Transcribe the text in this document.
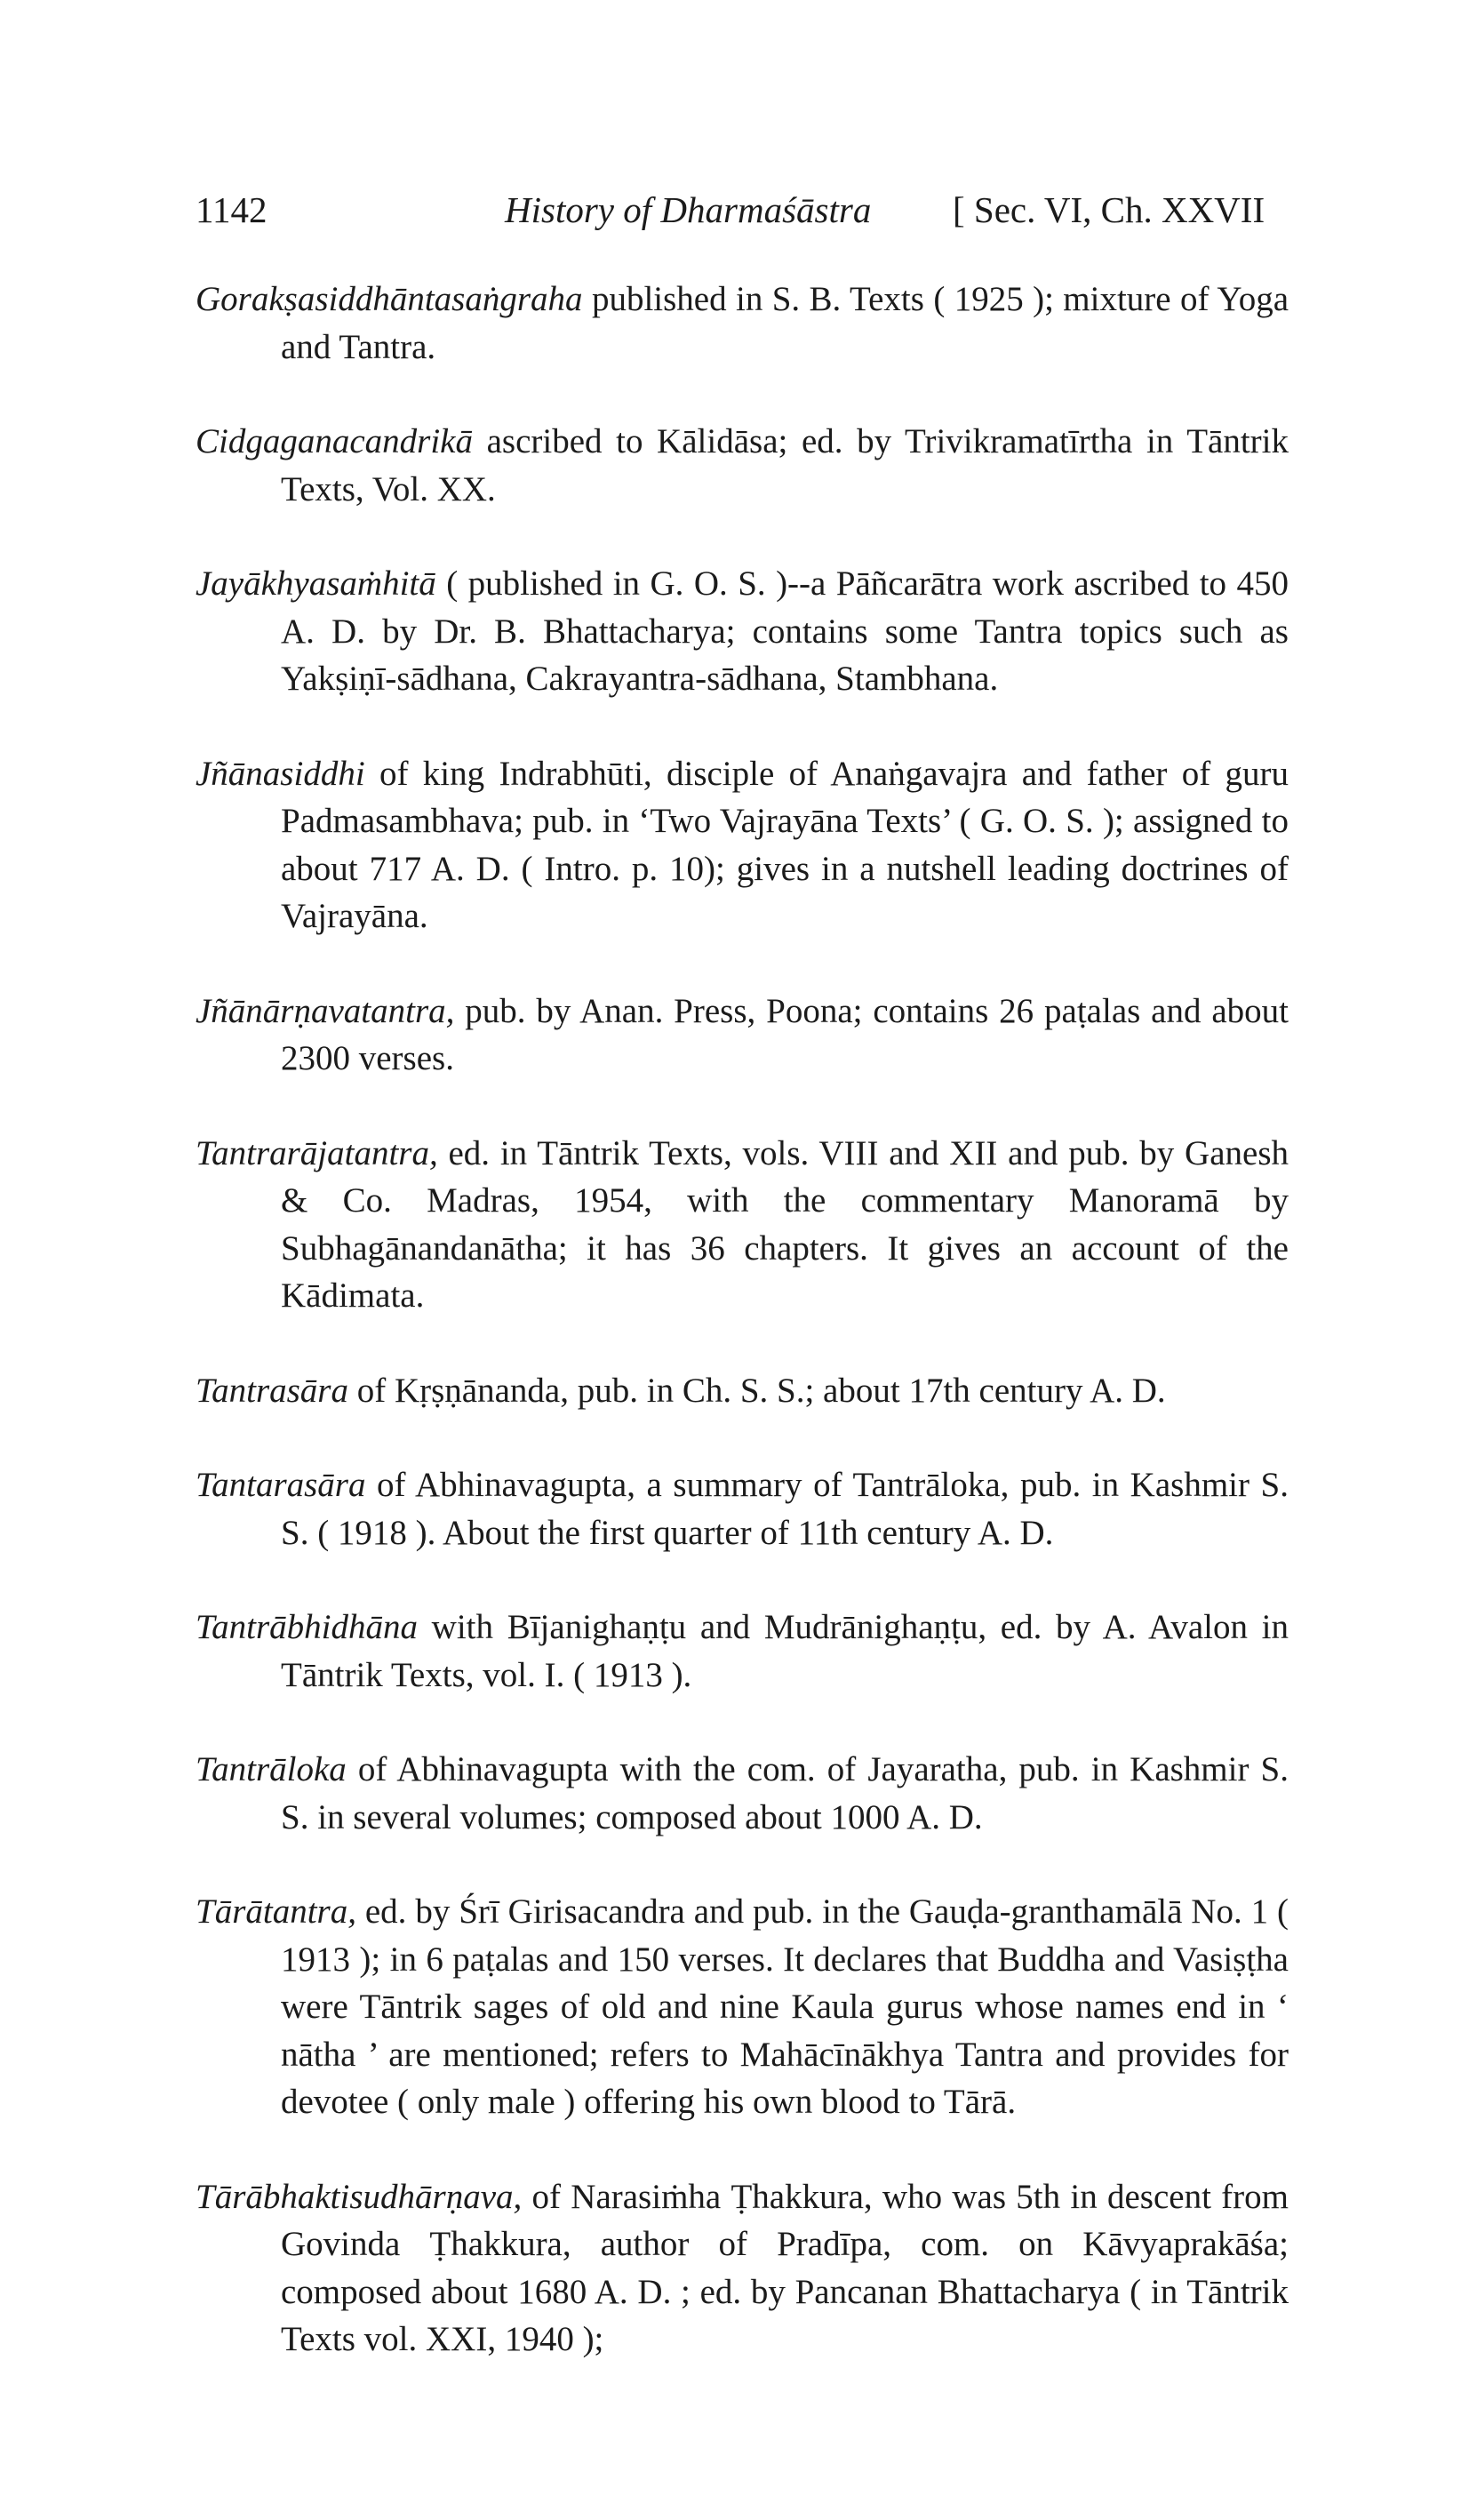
1142	History of Dharmaśāstra [ Sec. VI, Ch. XXVII

Gorakṣasiddhāntasaṅgraha published in S. B. Texts ( 1925 ); mixture of Yoga and Tantra.

Cidgaganacandrikā ascribed to Kālidāsa; ed. by Trivikramatīrtha in Tāntrik Texts, Vol. XX.

Jayākhyasaṁhitā ( published in G. O. S. )--a Pāñcarātra work ascribed to 450 A. D. by Dr. B. Bhattacharya; contains some Tantra topics such as Yakṣiṇī-sādhana, Cakrayantra-sādhana, Stambhana.

Jñānasiddhi of king Indrabhūti, disciple of Anaṅgavajra and father of guru Padmasambhava; pub. in ‘Two Vajrayāna Texts’ ( G. O. S. ); assigned to about 717 A. D. ( Intro. p. 10); gives in a nutshell leading doctrines of Vajrayāna.

Jñānārṇavatantra, pub. by Anan. Press, Poona; contains 26 paṭalas and about 2300 verses.

Tantrarājatantra, ed. in Tāntrik Texts, vols. VIII and XII and pub. by Ganesh & Co. Madras, 1954, with the commentary Manoramā by Subhagānandanātha; it has 36 chapters. It gives an account of the Kādimata.

Tantrasāra of Kṛṣṇānanda, pub. in Ch. S. S.; about 17th century A. D.

Tantarasāra of Abhinavagupta, a summary of Tantrāloka, pub. in Kashmir S. S. ( 1918 ). About the first quarter of 11th century A. D.

Tantrābhidhāna with Bījanighaṇṭu and Mudrānighaṇṭu, ed. by A. Avalon in Tāntrik Texts, vol. I. ( 1913 ).

Tantrāloka of Abhinavagupta with the com. of Jayaratha, pub. in Kashmir S. S. in several volumes; composed about 1000 A. D.

Tārātantra, ed. by Śrī Girisacandra and pub. in the Gauḍa-granthamālā No. 1 ( 1913 ); in 6 paṭalas and 150 verses. It declares that Buddha and Vasiṣṭha were Tāntrik sages of old and nine Kaula gurus whose names end in ‘ nātha ’ are mentioned; refers to Mahācīnākhya Tantra and provides for devotee ( only male ) offering his own blood to Tārā.

Tārābhaktisudhārṇava, of Narasiṁha Ṭhakkura, who was 5th in descent from Govinda Ṭhakkura, author of Pradīpa, com. on Kāvyaprakāśa; composed about 1680 A. D. ; ed. by Pancanan Bhattacharya ( in Tāntrik Texts vol. XXI, 1940 );
